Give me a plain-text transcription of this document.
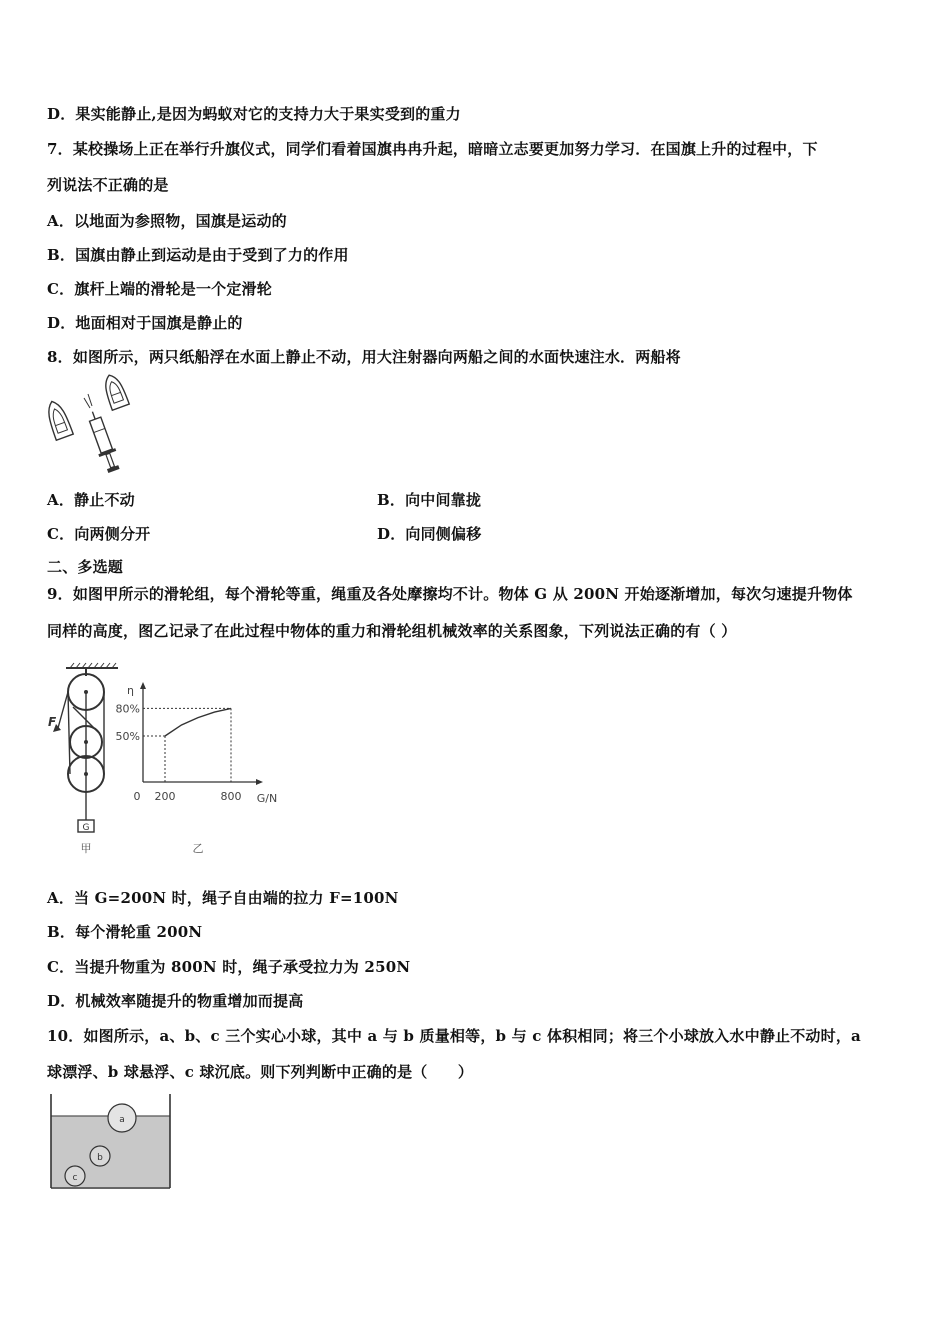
D．果实能静止,是因为蚂蚁对它的支持力大于果实受到的重力
7．某校操场上正在举行升旗仪式，同学们看着国旗冉冉升起，暗暗立志要更加努力学习．在国旗上升的过程中，下
列说法不正确的是
A．以地面为参照物，国旗是运动的
B．国旗由静止到运动是由于受到了力的作用
C．旗杆上端的滑轮是一个定滑轮
D．地面相对于国旗是静止的
8．如图所示，两只纸船浮在水面上静止不动，用大注射器向两船之间的水面快速注水．两船将
A．静止不动	B．向中间靠拢
C．向两侧分开	D．向同侧偏移
二、多选题
9．如图甲所示的滑轮组，每个滑轮等重，绳重及各处摩擦均不计。物体 G 从 200N 开始逐渐增加，每次匀速提升物体
同样的高度，图乙记录了在此过程中物体的重力和滑轮组机械效率的关系图象，下列说法正确的有（ ）
F
G
甲	乙
η
G/N
0 200	800
50%
80%
A．当 G=200N 时，绳子自由端的拉力 F=100N
B．每个滑轮重 200N
C．当提升物重为 800N 时，绳子承受拉力为 250N
D．机械效率随提升的物重增加而提高
10．如图所示，a、b、c 三个实心小球，其中 a 与 b 质量相等，b 与 c 体积相同；将三个小球放入水中静止不动时，a
球漂浮、b 球悬浮、c 球沉底。则下列判断中正确的是（　　）
a
b
c
